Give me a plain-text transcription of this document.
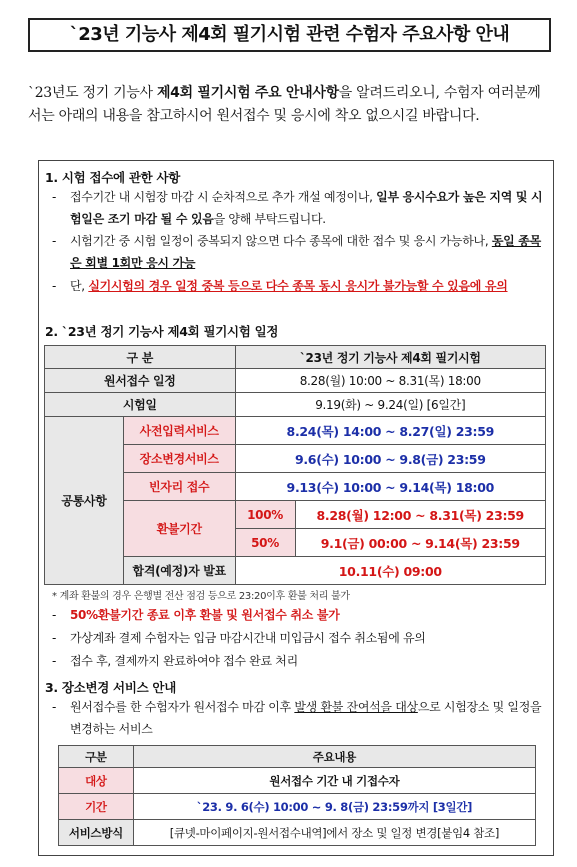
`23년 기능사 제4회 필기시험 관련 수험자 주요사항 안내
`23년도 정기 기능사 제4회 필기시험 주요 안내사항을 알려드리오니, 수험자 여러분께서는 아래의 내용을 참고하시어 원서접수 및 응시에 착오 없으시길 바랍니다.
1. 시험 접수에 관한 사항
-	접수기간 내 시험장 마감 시 순차적으로 추가 개설 예정이나, 일부 응시수요가 높은 지역 및 시험일은 조기 마감 될 수 있음을 양해 부탁드립니다.
-	시험기간 중 시험 일정이 중복되지 않으면 다수 종목에 대한 접수 및 응시 가능하나, 동일 종목은 회별 1회만 응시 가능
-	단, 실기시험의 경우 일정 중복 등으로 다수 종목 동시 응시가 불가능할 수 있음에 유의
2. `23년 정기 기능사 제4회 필기시험 일정
구 분		`23년 정기 기능사 제4회 필기시험	
원서접수 일정		8.28(월) 10:00 ~ 8.31(목) 18:00	
시험일		9.19(화) ~ 9.24(일) [6일간]	
공통사항	사전입력서비스	8.24(목) 14:00 ~ 8.27(일) 23:59	
	장소변경서비스	9.6(수) 10:00 ~ 9.8(금) 23:59	
	빈자리 접수	9.13(수) 10:00 ~ 9.14(목) 18:00	
	환불기간	100%	8.28(월) 12:00 ~ 8.31(목) 23:59
		50%	9.1(금) 00:00 ~ 9.14(목) 23:59
	합격(예정)자 발표	10.11(수) 09:00	
* 계좌 환불의 경우 은행별 전산 점검 등으로 23:20이후 환불 처리 불가
-	50%환불기간 종료 이후 환불 및 원서접수 취소 불가
-	가상계좌 결제 수험자는 입금 마감시간내 미입금시 접수 취소됨에 유의
-	접수 후, 결제까지 완료하여야 접수 완료 처리
3. 장소변경 서비스 안내
-	원서접수를 한 수험자가 원서접수 마감 이후 발생 환불 잔여석을 대상으로 시험장소 및 일정을 변경하는 서비스
구분	주요내용
대상	원서접수 기간 내 기접수자
기간	`23. 9. 6(수) 10:00 ~ 9. 8(금) 23:59까지 [3일간]
서비스방식	[큐넷-마이페이지-원서접수내역]에서 장소 및 일정 변경[붙임4 참조]
